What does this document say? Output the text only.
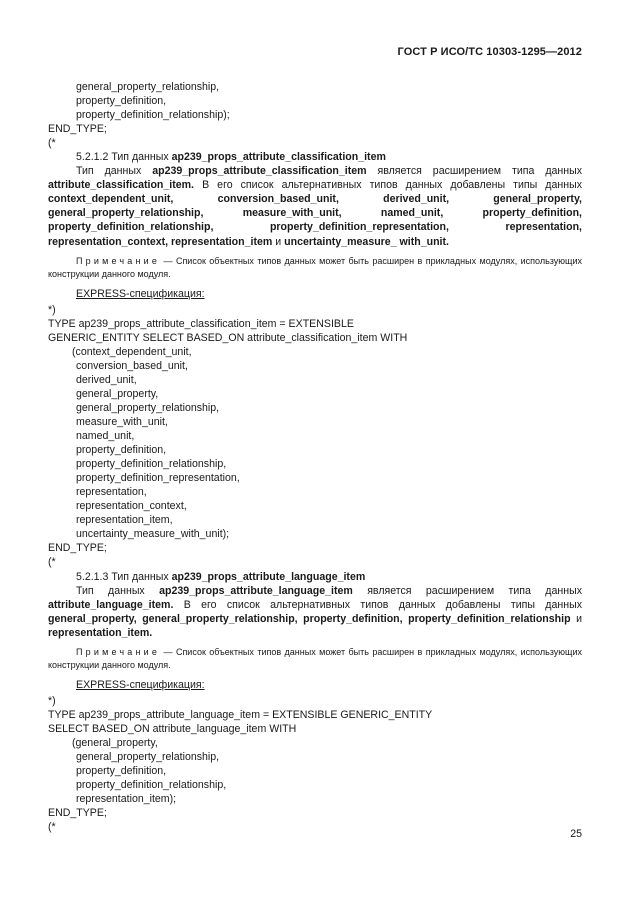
ГОСТ Р ИСО/ТС 10303-1295—2012
general_property_relationship,
property_definition,
property_definition_relationship);
END_TYPE;
(*
5.2.1.2 Тип данных ap239_props_attribute_classification_item
Тип данных ap239_props_attribute_classification_item является расширением типа данных attribute_classification_item. В его список альтернативных типов данных добавлены типы данных context_dependent_unit, conversion_based_unit, derived_unit, general_property, general_property_relationship, measure_with_unit, named_unit, property_definition, property_definition_relationship, property_definition_representation, representation, representation_context, representation_item и uncertainty_measure_ with_unit.
Примечание — Список объектных типов данных может быть расширен в прикладных модулях, использующих конструкции данного модуля.
EXPRESS-спецификация:
*)
TYPE ap239_props_attribute_classification_item = EXTENSIBLE
GENERIC_ENTITY SELECT BASED_ON attribute_classification_item WITH
(context_dependent_unit,
conversion_based_unit,
derived_unit,
general_property,
general_property_relationship,
measure_with_unit,
named_unit,
property_definition,
property_definition_relationship,
property_definition_representation,
representation,
representation_context,
representation_item,
uncertainty_measure_with_unit);
END_TYPE;
(*
5.2.1.3 Тип данных ap239_props_attribute_language_item
Тип данных ap239_props_attribute_language_item является расширением типа данных attribute_language_item. В его список альтернативных типов данных добавлены типы данных general_property, general_property_relationship, property_definition, property_definition_relationship и representation_item.
Примечание — Список объектных типов данных может быть расширен в прикладных модулях, использующих конструкции данного модуля.
EXPRESS-спецификация:
*)
TYPE ap239_props_attribute_language_item = EXTENSIBLE GENERIC_ENTITY
SELECT BASED_ON attribute_language_item WITH
(general_property,
general_property_relationship,
property_definition,
property_definition_relationship,
representation_item);
END_TYPE;
(*
25
